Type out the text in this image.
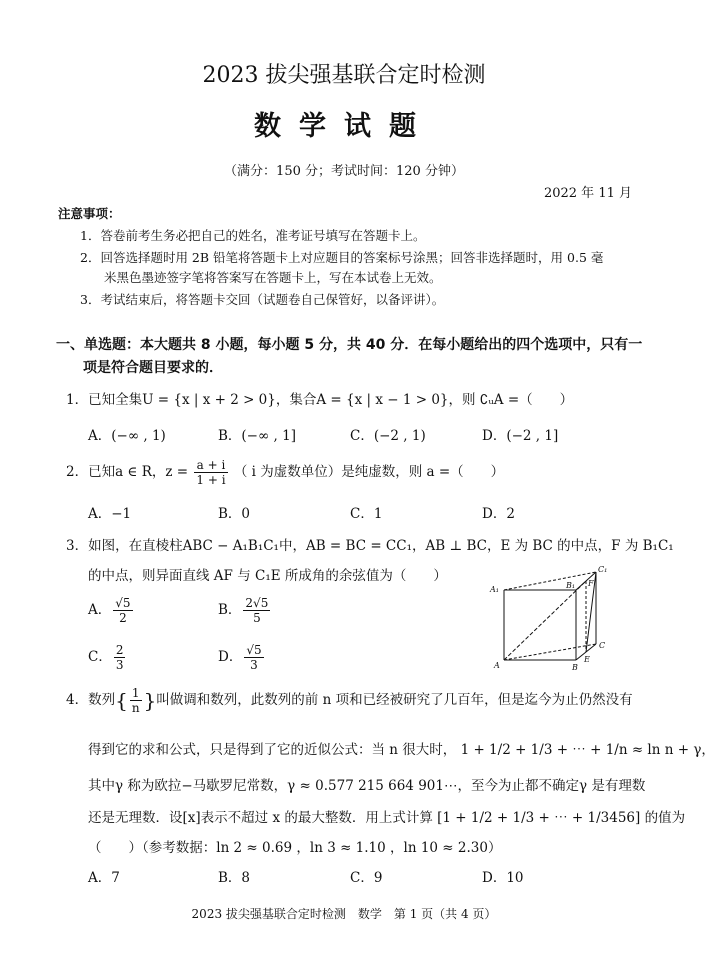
2023 拔尖强基联合定时检测
数学试题
（满分：150 分；考试时间：120 分钟）
2022 年 11 月
注意事项：
1．答卷前考生务必把自己的姓名，准考证号填写在答题卡上。
2．回答选择题时用 2B 铅笔将答题卡上对应题目的答案标号涂黑；回答非选择题时，用 0.5 毫
米黑色墨迹签字笔将答案写在答题卡上，写在本试卷上无效。
3．考试结束后，将答题卡交回（试题卷自己保管好，以备评讲）。
一、单选题：本大题共 8 小题，每小题 5 分，共 40 分．在每小题给出的四个选项中，只有一
项是符合题目要求的．
1．已知全集U = {x | x + 2 > 0}，集合A = {x | x − 1 > 0}，则 ∁ᵤA =（　　）
A．(−∞ , 1)	B．(−∞ , 1]	C．(−2 , 1)	D．(−2 , 1]
2．已知a ∈ R，$z = \frac{a + i}{1 + i}$ （ i 为虚数单位）是纯虚数，则 a =（　　）
A．−1	B．0	C．1	D．2
3．如图，在直棱柱ABC − A₁B₁C₁中，AB = BC = CC₁，AB ⊥ BC，E 为 BC 的中点，F 为 B₁C₁
的中点，则异面直线 AF 与 C₁E 所成角的余弦值为（　　）
A． $\frac{√5}{2}$	B． $\frac{2√5}{5}$
C． $\frac{2}{3}$	D． $\frac{√5}{3}$
A₁	B₁
C₁
F
A	B
E
C
4．数列{ $\frac{1}{n}$ }叫做调和数列，此数列的前 n 项和已经被研究了几百年，但是迄今为止仍然没有
得到它的求和公式，只是得到了它的近似公式：当 n 很大时， 1 + 1/2 + 1/3 + ⋯ + 1/n ≈ ln n + γ，
其中γ 称为欧拉−马歇罗尼常数，γ ≈ 0.577 215 664 901⋯，至今为止都不确定γ 是有理数
还是无理数．设[x]表示不超过 x 的最大整数．用上式计算 [1 + 1/2 + 1/3 + ⋯ + 1/3456] 的值为
（　　）（参考数据：ln 2 ≈ 0.69 ，ln 3 ≈ 1.10 ，ln 10 ≈ 2.30）
A．7	B．8	C．9	D．10
2023 拔尖强基联合定时检测　数学　第 1 页（共 4 页）
